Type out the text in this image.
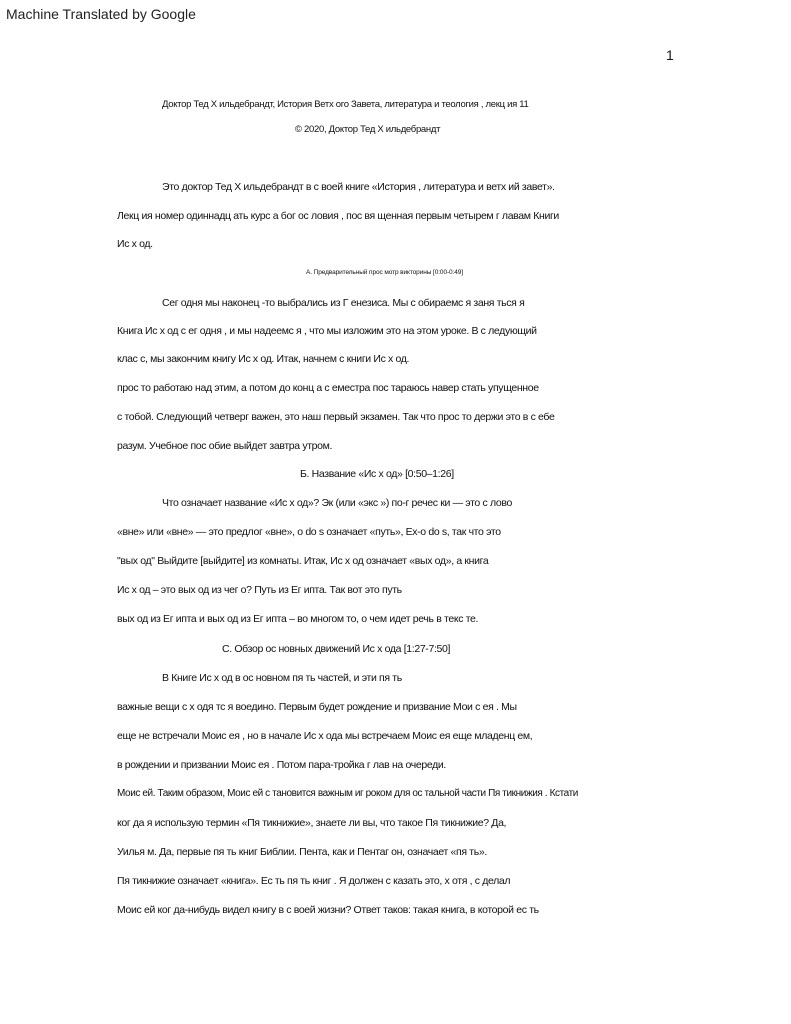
Machine Translated by Google
1
Доктор Тед Х ильдебрандт, История Ветх ого Завета, литература и теология , лекц ия 11
© 2020, Доктор Тед Х ильдебрандт
Это доктор Тед Х ильдебрандт в с воей книге «История , литература и ветх ий завет».
Лекц ия номер одиннадц ать курс а бог ос ловия , пос вя щенная первым четырем г лавам Книги
Ис х од.
А. Предварительный прос мотр викторины [0:00-0:49]
Сег одня мы наконец -то выбрались из Г енезиса. Мы с обираемс я заня ться я
Книга Ис х од с ег одня , и мы надеемс я , что мы изложим это на этом уроке. В с ледующий
клас с, мы закончим книгу Ис х од. Итак, начнем с книги Ис х од.
прос то работаю над этим, а потом до конц а с еместра пос тараюсь навер стать упущенное
с тобой. Следующий четверг важен, это наш первый экзамен. Так что прос то держи это в с ебе
разум. Учебное пос обие выйдет завтра утром.
Б. Название «Ис х од» [0:50–1:26]
Что означает название «Ис х од»? Эк (или «экс ») по-г речес ки — это с лово
«вне» или «вне» — это предлог «вне», о do s означает «путь», Ex-o do s, так что это
"вых од" Выйдите [выйдите] из комнаты. Итак, Ис х од означает «вых од», а книга
Ис х од – это вых од из чег о? Путь из Ег ипта. Так вот это путь
вых од из Ег ипта и вых од из Ег ипта – во многом то, о чем идет речь в текс те.
С. Обзор ос новных движений Ис х ода [1:27-7:50]
В Книге Ис х од в ос новном пя ть частей, и эти пя ть
важные вещи с х одя тс я воедино. Первым будет рождение и призвание Мои с ея . Мы
еще не встречали Моис ея , но в начале Ис х ода мы встречаем Моис ея еще младенц ем,
в рождении и призвании Моис ея . Потом пара-тройка г лав на очереди.
Моис ей. Таким образом, Моис ей с тановится важным иг роком для ос тальной части Пя тикнижия . Кстати
ког да я использую термин «Пя тикнижие», знаете ли вы, что такое Пя тикнижие? Да,
Уилья м. Да, первые пя ть книг Библии. Пента, как и Пентаг он, означает «пя ть».
Пя тикнижие означает «книга». Ес ть пя ть книг . Я должен с казать это, х отя , с делал
Моис ей ког да-нибудь видел книгу в с воей жизни? Ответ таков: такая книга, в которой ес ть
